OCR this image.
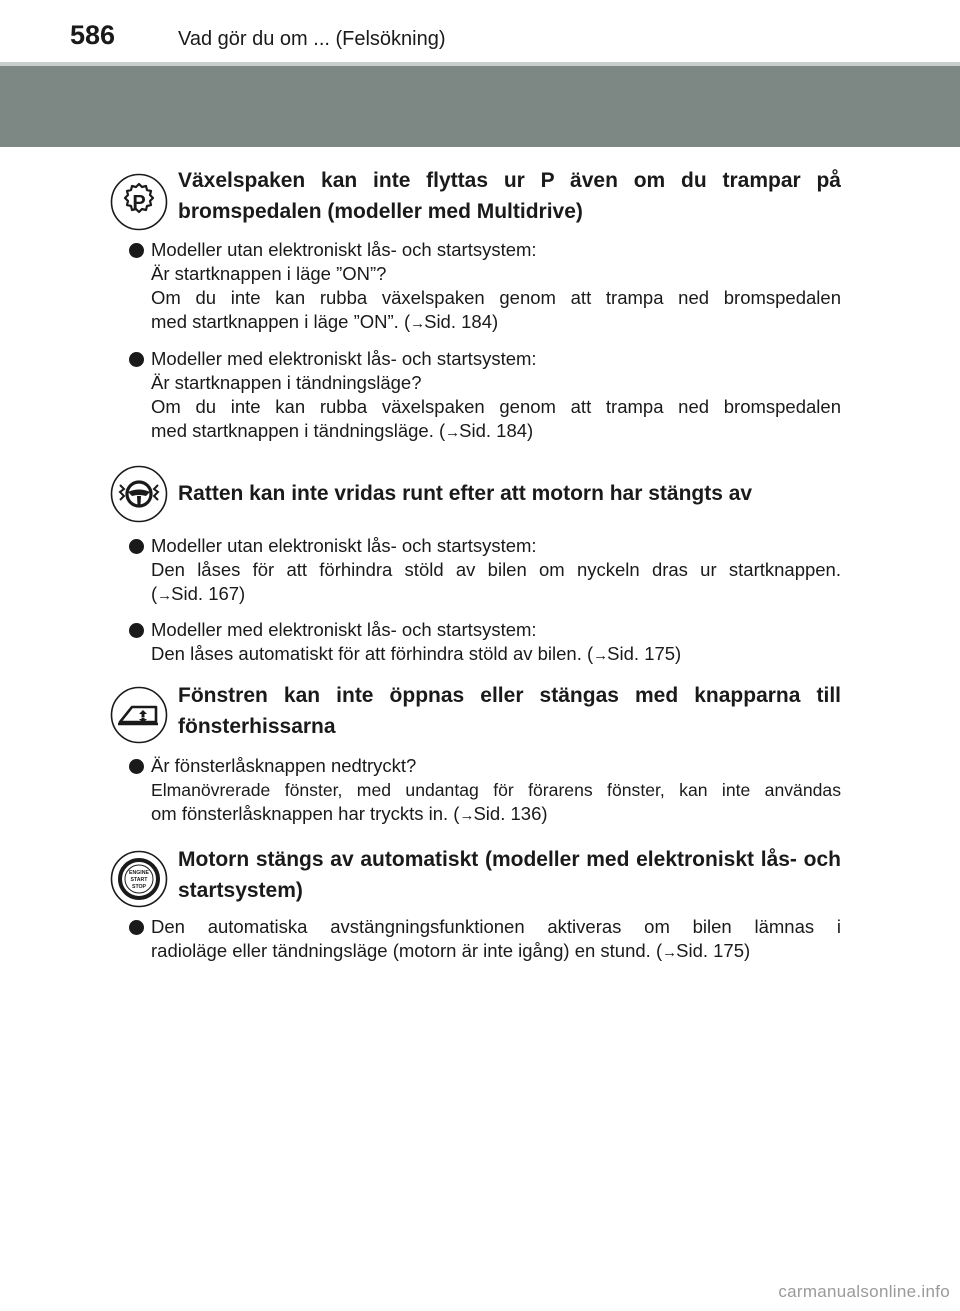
586	Vad gör du om ... (Felsökning)
P
Växelspaken kan inte flyttas ur P även om du trampar på bromspedalen (modeller med Multidrive)
Modeller utan elektroniskt lås- och startsystem:
Är startknappen i läge ”ON”?
Om du inte kan rubba växelspaken genom att trampa ned bromspedalen
med startknappen i läge ”ON”. (→Sid. 184)
Modeller med elektroniskt lås- och startsystem:
Är startknappen i tändningsläge?
Om du inte kan rubba växelspaken genom att trampa ned bromspedalen
med startknappen i tändningsläge. (→Sid. 184)
Ratten kan inte vridas runt efter att motorn har stängts av
Modeller utan elektroniskt lås- och startsystem:
Den låses för att förhindra stöld av bilen om nyckeln dras ur startknappen.
(→Sid. 167)
Modeller med elektroniskt lås- och startsystem:
Den låses automatiskt för att förhindra stöld av bilen. (→Sid. 175)
Fönstren kan inte öppnas eller stängas med knapparna till fönsterhissarna
Är fönsterlåsknappen nedtryckt?
Elmanövrerade fönster, med undantag för förarens fönster, kan inte användas
om fönsterlåsknappen har tryckts in. (→Sid. 136)
ENGINE
START
STOP
Motorn stängs av automatiskt (modeller med elektroniskt lås- och startsystem)
Den automatiska avstängningsfunktionen aktiveras om bilen lämnas i
radioläge eller tändningsläge (motorn är inte igång) en stund. (→Sid. 175)
carmanualsonline.info
